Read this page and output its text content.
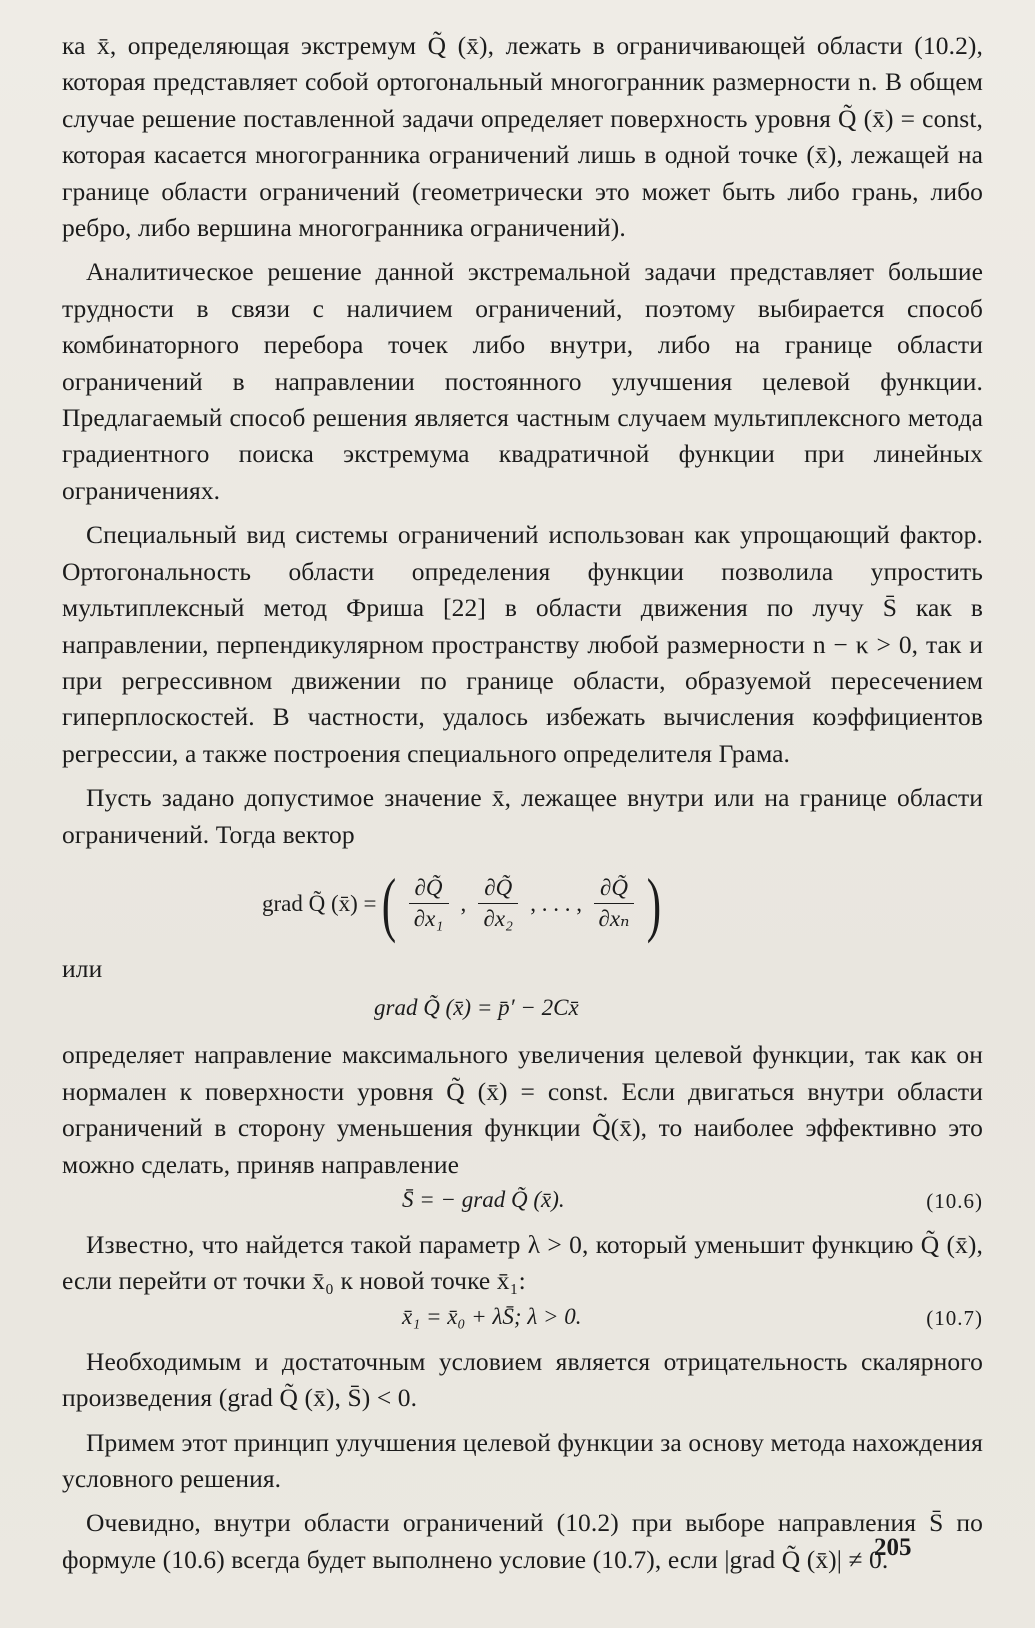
ка x̄, определяющая экстремум Q̃ (x̄), лежать в ограничивающей области (10.2), которая представляет собой ортогональный многогранник размерности n. В общем случае решение поставленной задачи определяет поверхность уровня Q̃ (x̄) = const, которая касается многогранника ограничений лишь в одной точке (x̄), лежащей на границе области ограничений (геометрически это может быть либо грань, либо ребро, либо вершина многогранника ограничений).

Аналитическое решение данной экстремальной задачи представляет большие трудности в связи с наличием ограничений, поэтому выбирается способ комбинаторного перебора точек либо внутри, либо на границе области ограничений в направлении постоянного улучшения целевой функции. Предлагаемый способ решения является частным случаем мультиплексного метода градиентного поиска экстремума квадратичной функции при линейных ограничениях.

Специальный вид системы ограничений использован как упрощающий фактор. Ортогональность области определения функции позволила упростить мультиплексный метод Фриша [22] в области движения по лучу S̄ как в направлении, перпендикулярном пространству любой размерности n − κ > 0, так и при регрессивном движении по границе области, образуемой пересечением гиперплоскостей. В частности, удалось избежать вычисления коэффициентов регрессии, а также построения специального определителя Грама.

Пусть задано допустимое значение x̄, лежащее внутри или на границе области ограничений. Тогда вектор

grad Q̃ (x̄) = ( $\frac{\partial Q̃}{\text{∂x₁}}$ , $\frac{\partial Q̃}{\text{∂x₂}}$ , . . . , $\frac{\partial Q̃}{\text{∂xₙ}}$ )

или

grad Q̃ (x̄) = p̄′ − 2Cx̄

определяет направление максимального увеличения целевой функции, так как он нормален к поверхности уровня Q̃ (x̄) = const. Если двигаться внутри области ограничений в сторону уменьшения функции Q̃(x̄), то наиболее эффективно это можно сделать, приняв направление

S̄ = − grad Q̃ (x̄).	(10.6)

Известно, что найдется такой параметр λ > 0, который уменьшит функцию Q̃ (x̄), если перейти от точки x̄₀ к новой точке x̄₁:

x̄₁ = x̄₀ + λS̄; λ > 0.	(10.7)

Необходимым и достаточным условием является отрицательность скалярного произведения (grad Q̃ (x̄), S̄) < 0.

Примем этот принцип улучшения целевой функции за основу метода нахождения условного решения.

Очевидно, внутри области ограничений (10.2) при выборе направления S̄ по формуле (10.6) всегда будет выполнено условие (10.7), если |grad Q̃ (x̄)| ≠ 0.

205
